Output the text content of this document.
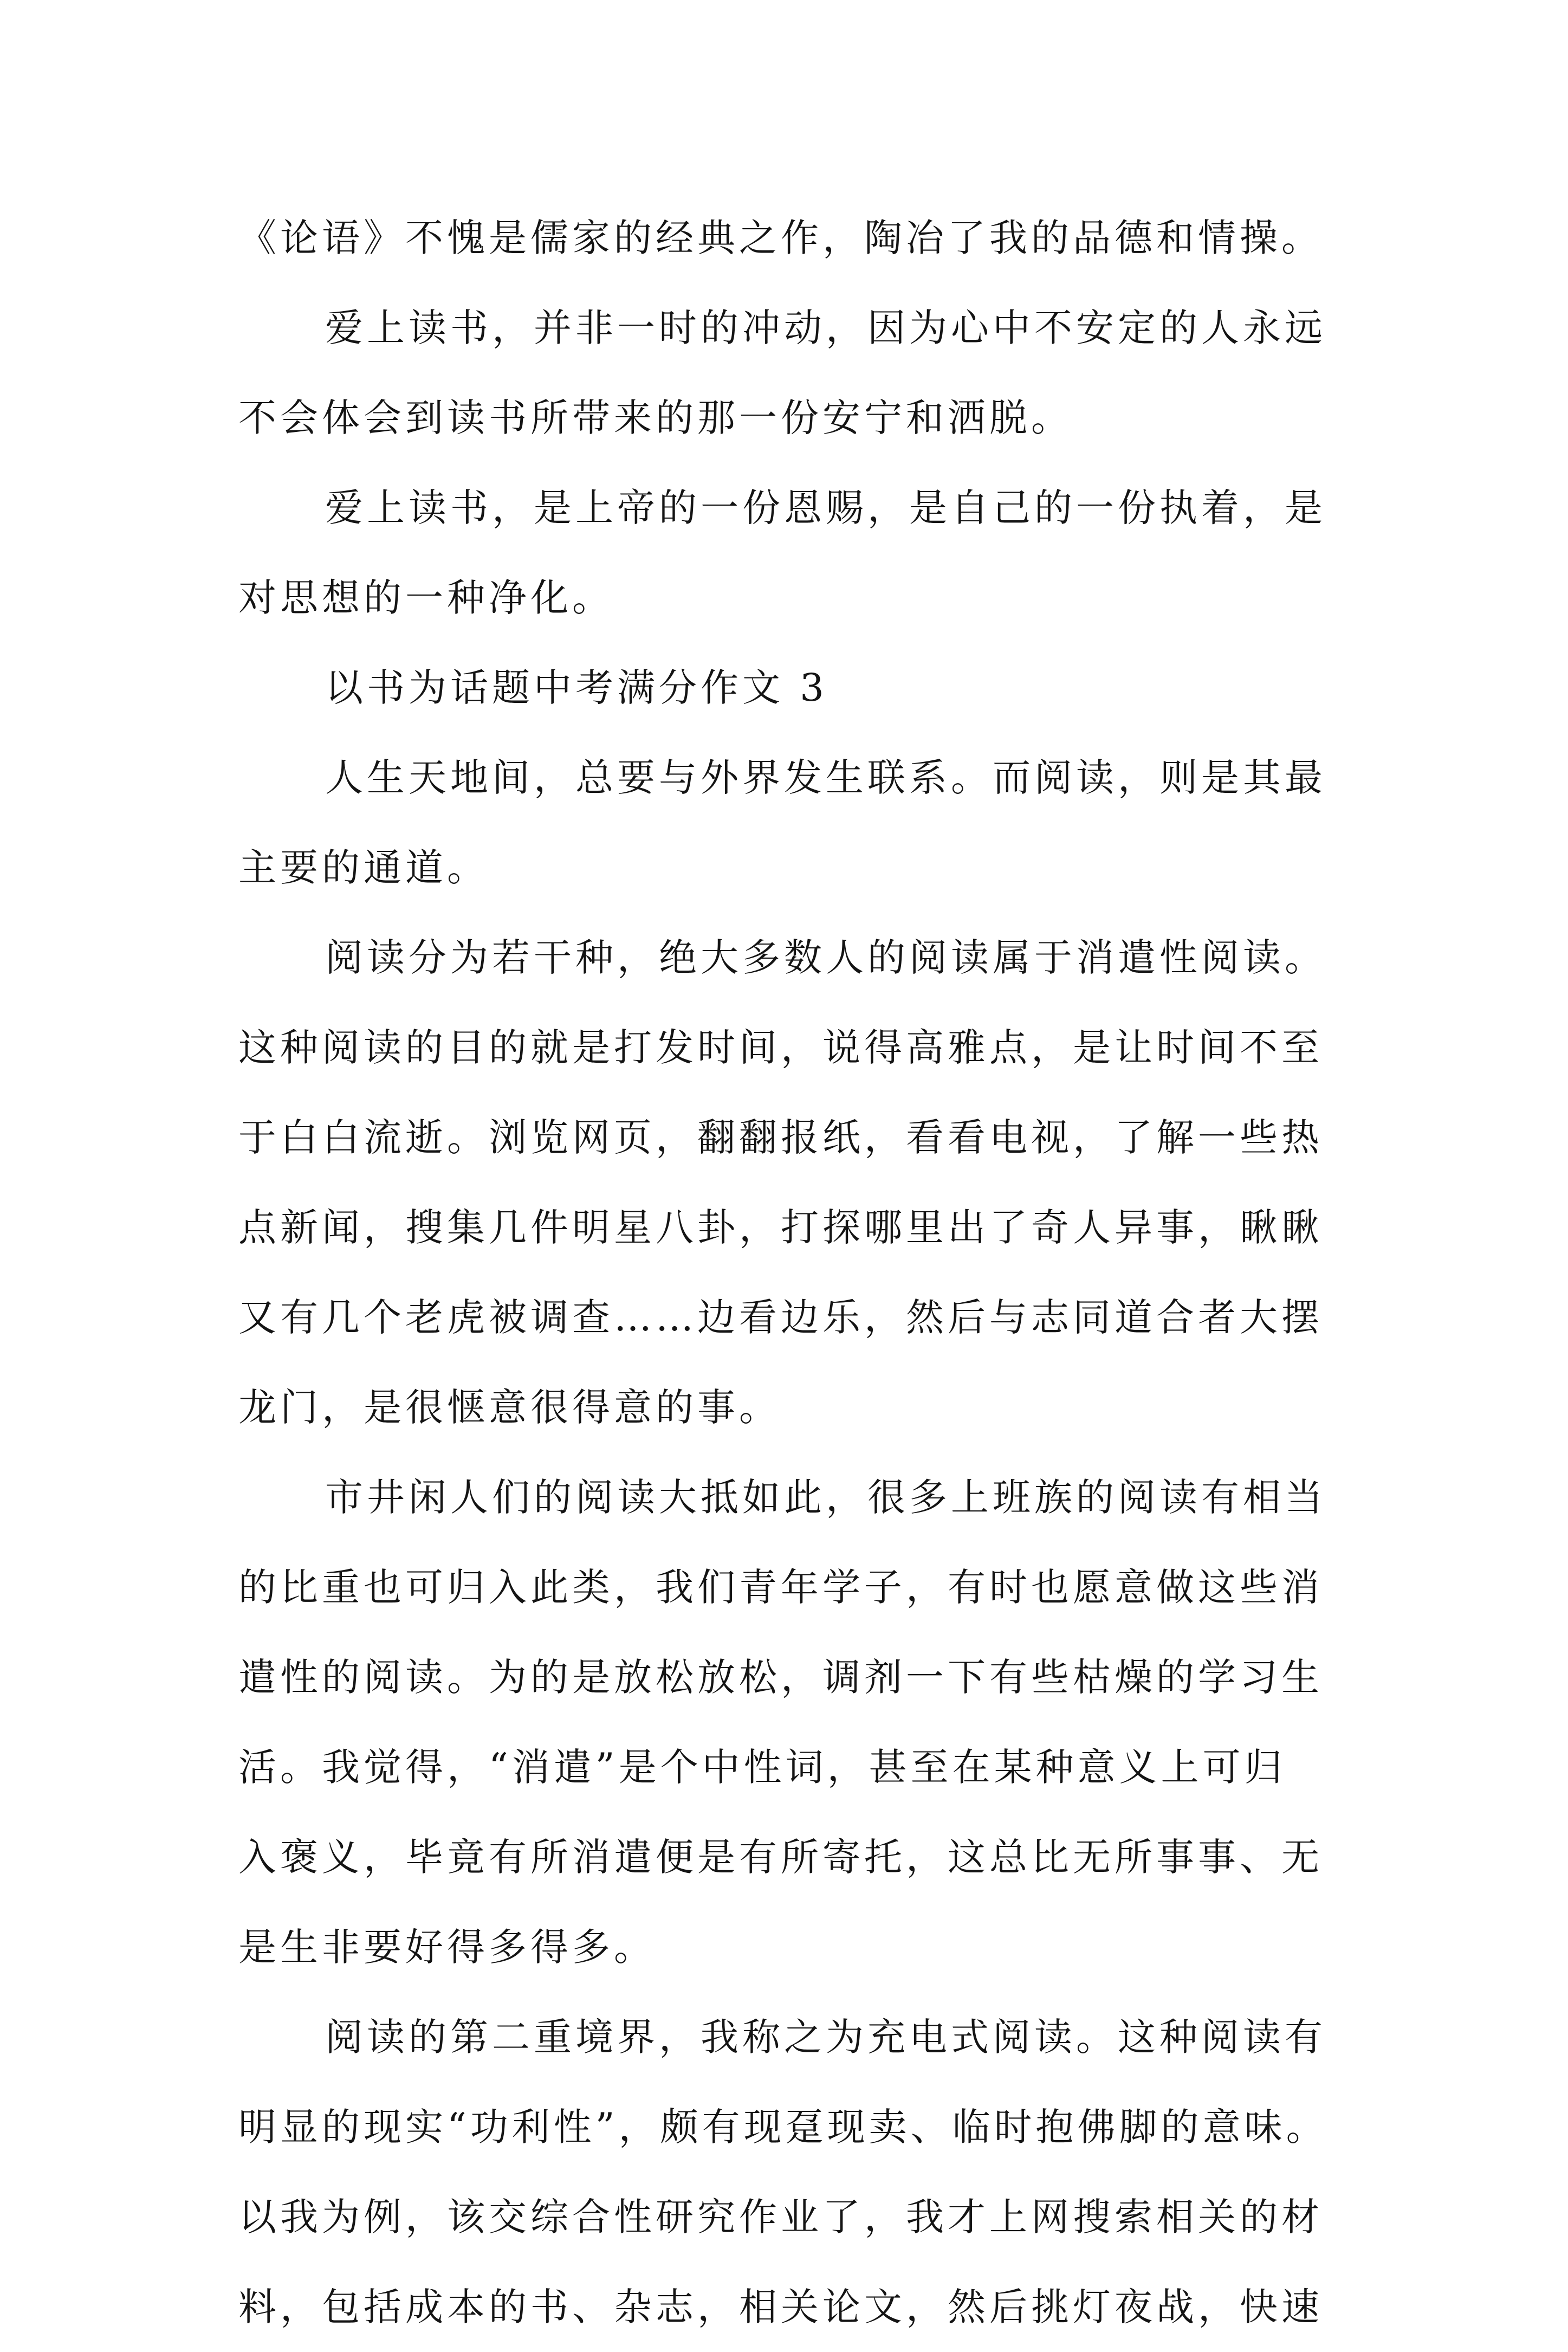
《论语》不愧是儒家的经典之作，陶冶了我的品德和情操。
爱上读书，并非一时的冲动，因为心中不安定的人永远
不会体会到读书所带来的那一份安宁和洒脱。
爱上读书，是上帝的一份恩赐，是自己的一份执着，是
对思想的一种净化。
以书为话题中考满分作文 3
人生天地间，总要与外界发生联系。而阅读，则是其最
主要的通道。
阅读分为若干种，绝大多数人的阅读属于消遣性阅读。
这种阅读的目的就是打发时间，说得高雅点，是让时间不至
于白白流逝。浏览网页，翻翻报纸，看看电视，了解一些热
点新闻，搜集几件明星八卦，打探哪里出了奇人异事，瞅瞅
又有几个老虎被调查……边看边乐，然后与志同道合者大摆
龙门，是很惬意很得意的事。
市井闲人们的阅读大抵如此，很多上班族的阅读有相当
的比重也可归入此类，我们青年学子，有时也愿意做这些消
遣性的阅读。为的是放松放松，调剂一下有些枯燥的学习生
活。我觉得，“消遣”是个中性词，甚至在某种意义上可归
入褒义，毕竟有所消遣便是有所寄托，这总比无所事事、无
是生非要好得多得多。
阅读的第二重境界，我称之为充电式阅读。这种阅读有
明显的现实“功利性”，颇有现趸现卖、临时抱佛脚的意味。
以我为例，该交综合性研究作业了，我才上网搜索相关的材
料，包括成本的书、杂志，相关论文，然后挑灯夜战，快速
